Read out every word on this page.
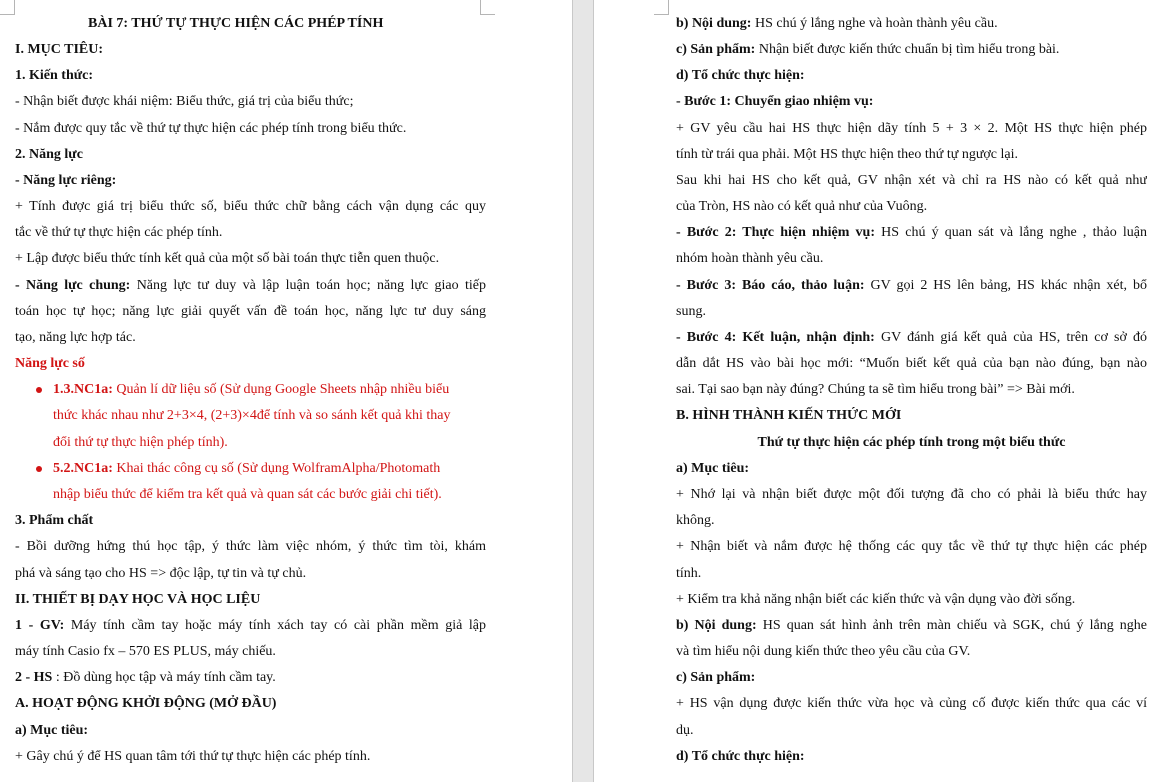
BÀI 7: THỨ TỰ THỰC HIỆN CÁC PHÉP TÍNH
I. MỤC TIÊU:
1. Kiến thức:
- Nhận biết được khái niệm: Biểu thức, giá trị của biểu thức;
- Nắm được quy tắc về thứ tự thực hiện các phép tính trong biểu thức.
2. Năng lực
- Năng lực riêng:
+ Tính được giá trị biểu thức số, biểu thức chữ bằng cách vận dụng các quy
tắc về thứ tự thực hiện các phép tính.
+ Lập được biểu thức tính kết quả của một số bài toán thực tiễn quen thuộc.
- Năng lực chung: Năng lực tư duy và lập luận toán học; năng lực giao tiếp
toán học tự học; năng lực giải quyết vấn đề toán học, năng lực tư duy sáng
tạo, năng lực hợp tác.
Năng lực số
1.3.NC1a: Quản lí dữ liệu số (Sử dụng Google Sheets nhập nhiều biểu
thức khác nhau như 2+3×4, (2+3)×4để tính và so sánh kết quả khi thay
đổi thứ tự thực hiện phép tính).
5.2.NC1a: Khai thác công cụ số (Sử dụng WolframAlpha/Photomath
nhập biểu thức để kiểm tra kết quả và quan sát các bước giải chi tiết).
3. Phẩm chất
- Bồi dưỡng hứng thú học tập, ý thức làm việc nhóm, ý thức tìm tòi, khám
phá và sáng tạo cho HS => độc lập, tự tin và tự chủ.
II. THIẾT BỊ DẠY HỌC VÀ HỌC LIỆU
1 - GV: Máy tính cầm tay hoặc máy tính xách tay có cài phần mềm giả lập
máy tính Casio fx – 570 ES PLUS, máy chiếu.
2 - HS : Đồ dùng học tập và máy tính cầm tay.
A. HOẠT ĐỘNG KHỞI ĐỘNG (MỞ ĐẦU)
a) Mục tiêu:
+ Gây chú ý để HS quan tâm tới thứ tự thực hiện các phép tính.
b) Nội dung: HS chú ý lắng nghe và hoàn thành yêu cầu.
c) Sản phẩm: Nhận biết được kiến thức chuẩn bị tìm hiểu trong bài.
d) Tổ chức thực hiện:
- Bước 1: Chuyển giao nhiệm vụ:
+ GV yêu cầu hai HS thực hiện dãy tính 5 + 3 × 2. Một HS thực hiện phép
tính từ trái qua phải. Một HS thực hiện theo thứ tự ngược lại.
Sau khi hai HS cho kết quả, GV nhận xét và chỉ ra HS nào có kết quả như
của Tròn, HS nào có kết quả như của Vuông.
- Bước 2: Thực hiện nhiệm vụ: HS chú ý quan sát và lắng nghe , thảo luận
nhóm hoàn thành yêu cầu.
- Bước 3: Báo cáo, thảo luận: GV gọi 2 HS lên bảng, HS khác nhận xét, bổ
sung.
- Bước 4: Kết luận, nhận định: GV đánh giá kết quả của HS, trên cơ sở đó
dẫn dắt HS vào bài học mới: “Muốn biết kết quả của bạn nào đúng, bạn nào
sai. Tại sao bạn này đúng? Chúng ta sẽ tìm hiểu trong bài” => Bài mới.
B. HÌNH THÀNH KIẾN THỨC MỚI
Thứ tự thực hiện các phép tính trong một biểu thức
a) Mục tiêu:
+ Nhớ lại và nhận biết được một đối tượng đã cho có phải là biểu thức hay
không.
+ Nhận biết và nắm được hệ thống các quy tắc về thứ tự thực hiện các phép
tính.
+ Kiểm tra khả năng nhận biết các kiến thức và vận dụng vào đời sống.
b) Nội dung: HS quan sát hình ảnh trên màn chiếu và SGK, chú ý lắng nghe
và tìm hiểu nội dung kiến thức theo yêu cầu của GV.
c) Sản phẩm:
+ HS vận dụng được kiến thức vừa học và củng cố được kiến thức qua các ví
dụ.
d) Tổ chức thực hiện:
